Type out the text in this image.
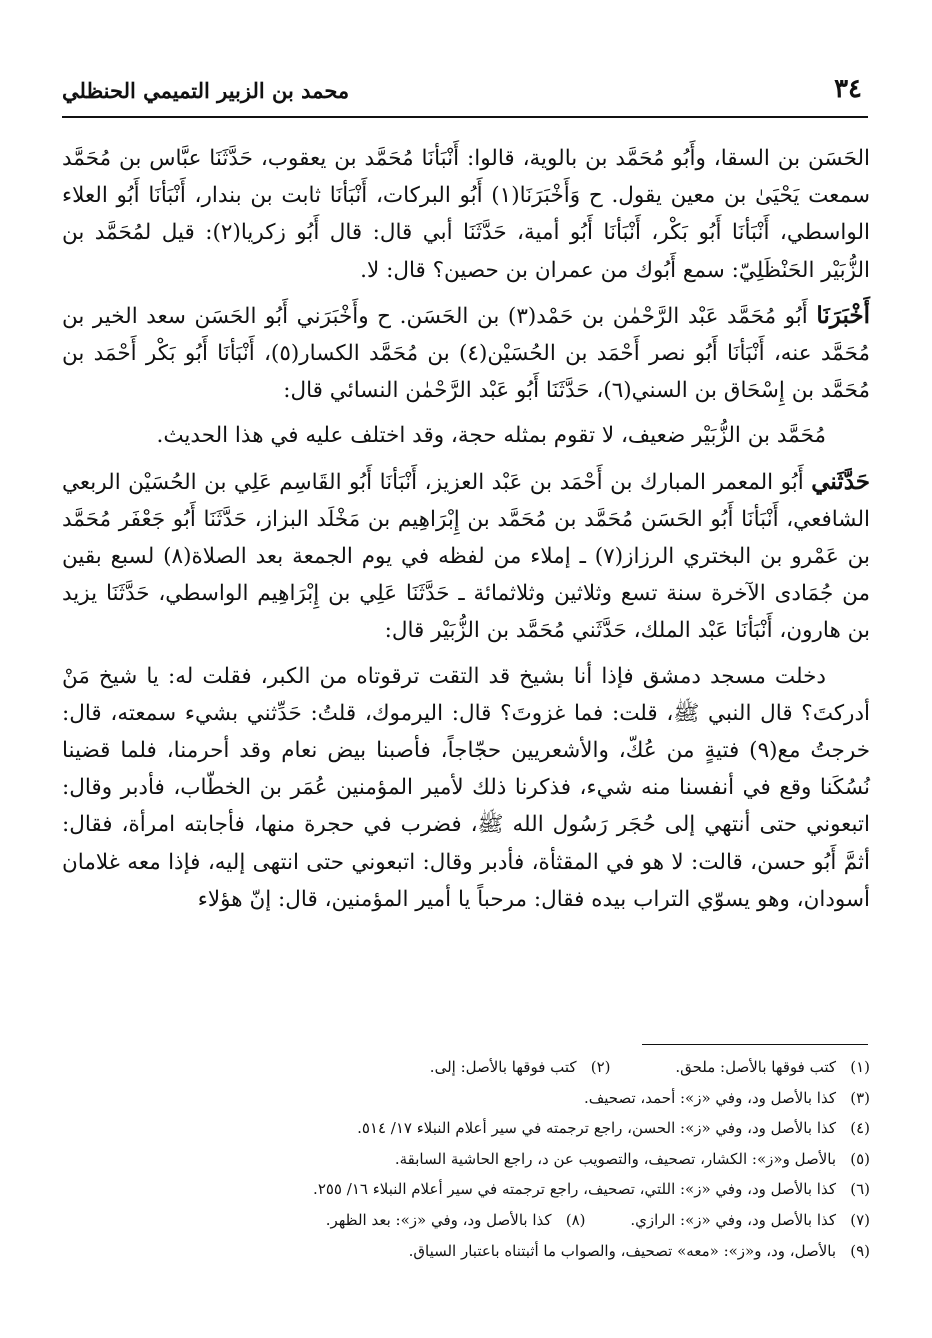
٣٤
محمد بن الزبير التميمي الحنظلي

الحَسَن بن السقا، وأَبُو مُحَمَّد بن بالوية، قالوا: أَنْبَأنَا مُحَمَّد بن يعقوب، حَدَّثَنَا عبَّاس بن مُحَمَّد سمعت يَحْيَىٰ بن معين يقول. ح وَأَخْبَرَنَا(١) أَبُو البركات، أَنْبَأنَا ثابت بن بندار، أَنْبَأنَا أَبُو العلاء الواسطي، أَنْبَأنَا أَبُو بَكْر، أَنْبَأنَا أَبُو أمية، حَدَّثَنَا أبي قال: قال أَبُو زكريا(٢): قيل لمُحَمَّد بن الزُّبَيْر الحَنْظَلِيّ: سمع أَبُوك من عمران بن حصين؟ قال: لا.

أَخْبَرَنَا أَبُو مُحَمَّد عَبْد الرَّحْمٰن بن حَمْد(٣) بن الحَسَن. ح وأَخْبَرَني أَبُو الحَسَن سعد الخير بن مُحَمَّد عنه، أَنْبَأنَا أَبُو نصر أَحْمَد بن الحُسَيْن(٤) بن مُحَمَّد الكسار(٥)، أَنْبَأنَا أَبُو بَكْر أَحْمَد بن مُحَمَّد بن إِسْحَاق بن السني(٦)، حَدَّثَنَا أَبُو عَبْد الرَّحْمٰن النسائي قال:

مُحَمَّد بن الزُّبَيْر ضعيف، لا تقوم بمثله حجة، وقد اختلف عليه في هذا الحديث.

حَدَّثَني أَبُو المعمر المبارك بن أَحْمَد بن عَبْد العزيز، أَنْبَأنَا أَبُو القَاسِم عَلِي بن الحُسَيْن الربعي الشافعي، أَنْبَأنَا أَبُو الحَسَن مُحَمَّد بن مُحَمَّد بن إِبْرَاهِيم بن مَخْلَد البزاز، حَدَّثَنَا أَبُو جَعْفَر مُحَمَّد بن عَمْرو بن البختري الرزاز(٧) ـ إملاء من لفظه في يوم الجمعة بعد الصلاة(٨) لسبع بقين من جُمَادى الآخرة سنة تسع وثلاثين وثلاثمائة ـ حَدَّثَنَا عَلِي بن إِبْرَاهِيم الواسطي، حَدَّثَنَا يزيد بن هارون، أَنْبَأنَا عَبْد الملك، حَدَّثَني مُحَمَّد بن الزُّبَيْر قال:

دخلت مسجد دمشق فإذا أنا بشيخ قد التقت ترقوتاه من الكبر، فقلت له: يا شيخ مَنْ أدركتَ؟ قال النبي ﷺ، قلت: فما غزوتَ؟ قال: اليرموك، قلتُ: حَدِّثني بشيء سمعته، قال: خرجتُ مع(٩) فتيةٍ من عُكّ، والأشعريين حجّاجاً، فأصبنا بيض نعام وقد أحرمنا، فلما قضينا نُسُكَنا وقع في أنفسنا منه شيء، فذكرنا ذلك لأمير المؤمنين عُمَر بن الخطّاب، فأدبر وقال: اتبعوني حتى أنتهي إلى حُجَر رَسُول الله ﷺ، فضرب في حجرة منها، فأجابته امرأة، فقال: أثمَّ أَبُو حسن، قالت: لا هو في المقثأة، فأدبر وقال: اتبعوني حتى انتهى إليه، فإذا معه غلامان أسودان، وهو يسوّي التراب بيده فقال: مرحباً يا أمير المؤمنين، قال: إنّ هؤلاء

(١)كتب فوقها بالأصل: ملحق. (٢)كتب فوقها بالأصل: إلى.
(٣)كذا بالأصل ود، وفي «ز»: أحمد، تصحيف.
(٤)كذا بالأصل ود، وفي «ز»: الحسن، راجع ترجمته في سير أعلام النبلاء ١٧/ ٥١٤.
(٥)بالأصل و«ز»: الكشار، تصحيف، والتصويب عن د، راجع الحاشية السابقة.
(٦)كذا بالأصل ود، وفي «ز»: اللتي، تصحيف، راجع ترجمته في سير أعلام النبلاء ١٦/ ٢٥٥.
(٧)كذا بالأصل ود، وفي «ز»: الرازي. (٨)كذا بالأصل ود، وفي «ز»: بعد الظهر.
(٩)بالأصل، ود، و«ز»: «معه» تصحيف، والصواب ما أثبتناه باعتبار السياق.
